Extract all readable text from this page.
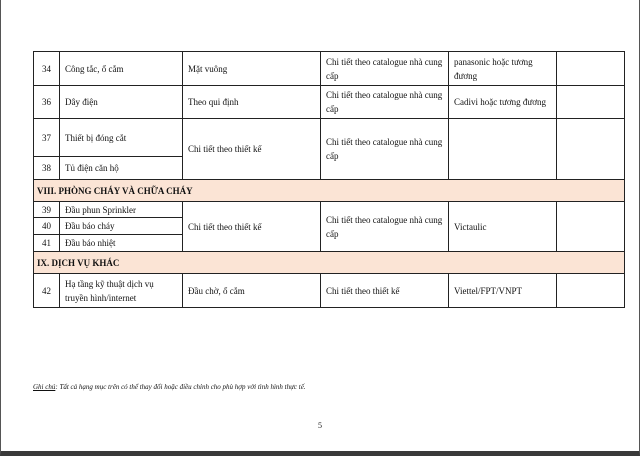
34	Công tắc, ổ cắm	Mặt vuông	Chi tiết theo catalogue nhà cung cấp	panasonic hoặc tương đương	
36	Dây điện	Theo qui định	Chi tiết theo catalogue nhà cung cấp	Cadivi hoặc tương đương	
37	Thiết bị đóng cắt	Chi tiết theo thiết kế	Chi tiết theo catalogue nhà cung cấp		
38	Tủ điện căn hộ				
VIII. PHÒNG CHÁY VÀ CHỮA CHÁY					
39	Đầu phun Sprinkler	Chi tiết theo thiết kế	Chi tiết theo catalogue nhà cung cấp	Victaulic	
40	Đầu báo cháy				
41	Đầu báo nhiệt				
IX. DỊCH VỤ KHÁC					
42	Hạ tầng kỹ thuật dịch vụ truyền hình/internet	Đầu chờ, ổ cắm	Chi tiết theo thiết kế	Viettel/FPT/VNPT	
Ghi chú: Tất cả hạng mục trên có thể thay đổi hoặc điều chỉnh cho phù hợp với tình hình thực tế.
5
